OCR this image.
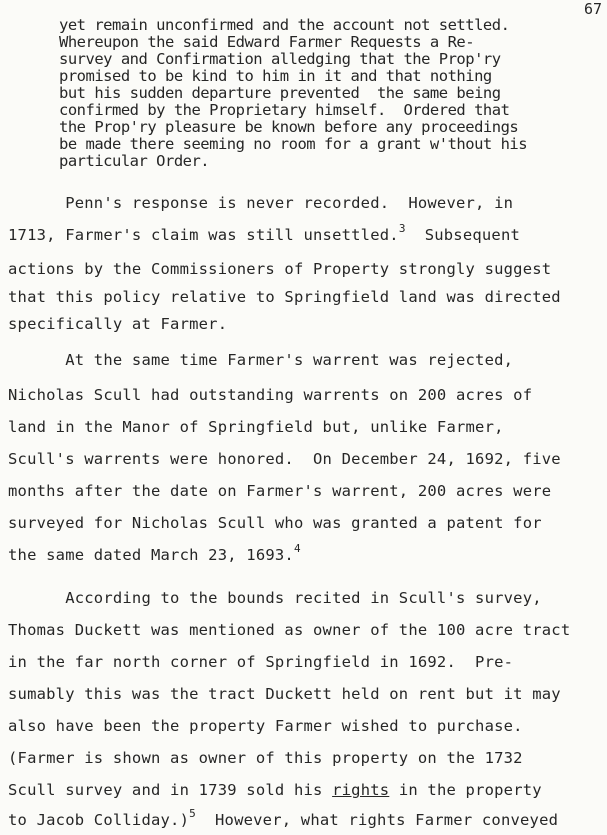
67
yet remain unconfirmed and the account not settled.
Whereupon the said Edward Farmer Requests a Re-
survey and Confirmation alledging that the Prop'ry
promised to be kind to him in it and that nothing
but his sudden departure prevented  the same being
confirmed by the Proprietary himself.  Ordered that
the Prop'ry pleasure be known before any proceedings
be made there seeming no room for a grant w'thout his
particular Order.
Penn's response is never recorded.  However, in
1713, Farmer's claim was still unsettled.$^3$  Subsequent
actions by the Commissioners of Property strongly suggest
that this policy relative to Springfield land was directed
specifically at Farmer.
At the same time Farmer's warrent was rejected,
Nicholas Scull had outstanding warrents on 200 acres of
land in the Manor of Springfield but, unlike Farmer,
Scull's warrents were honored.  On December 24, 1692, five
months after the date on Farmer's warrent, 200 acres were
surveyed for Nicholas Scull who was granted a patent for
the same dated March 23, 1693.$^4$
According to the bounds recited in Scull's survey,
Thomas Duckett was mentioned as owner of the 100 acre tract
in the far north corner of Springfield in 1692.  Pre-
sumably this was the tract Duckett held on rent but it may
also have been the property Farmer wished to purchase.
(Farmer is shown as owner of this property on the 1732
Scull survey and in 1739 sold his rights in the property
to Jacob Colliday.)$^5$  However, what rights Farmer conveyed
